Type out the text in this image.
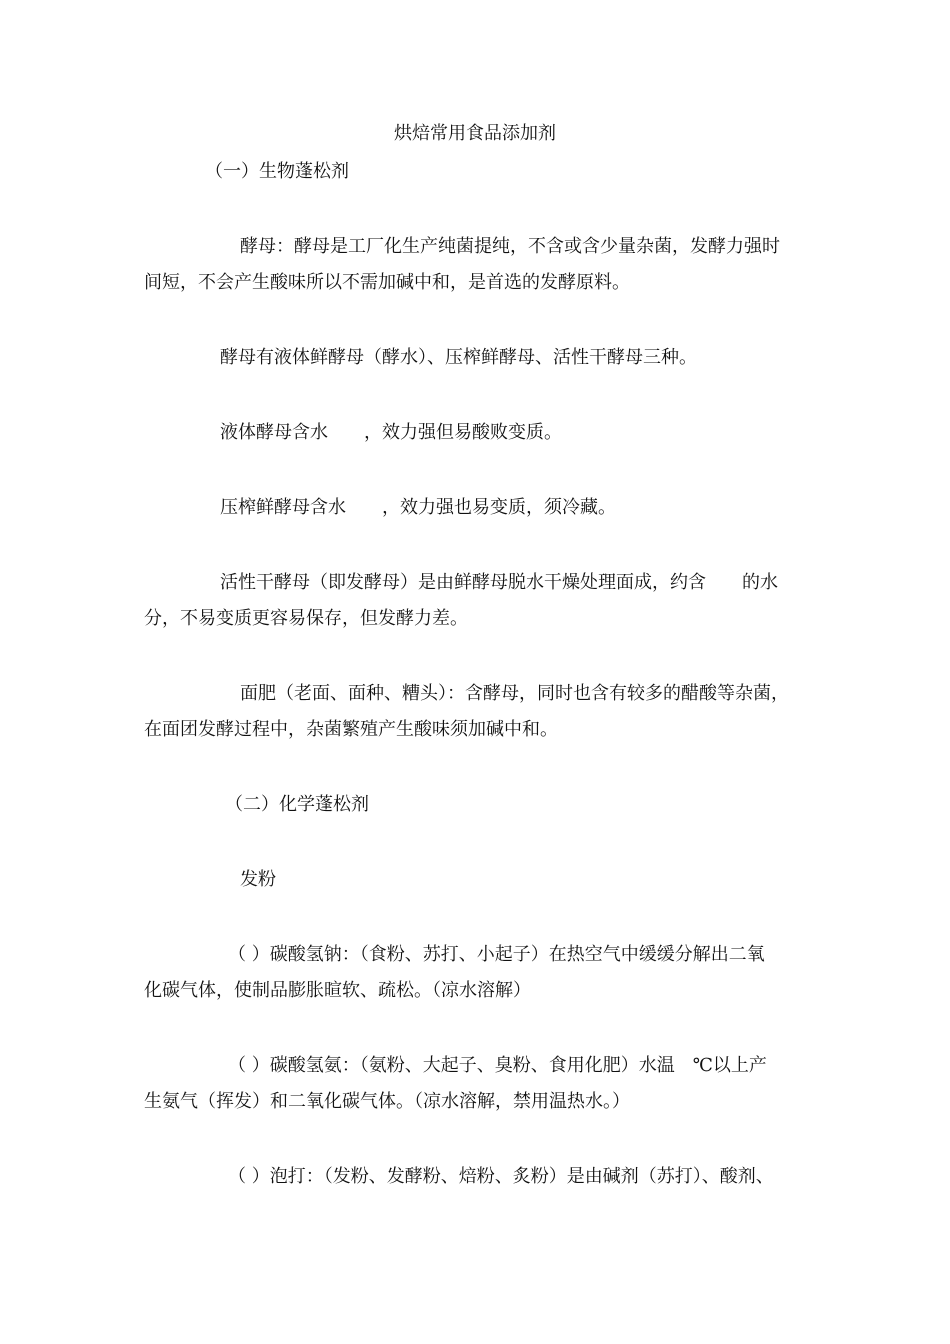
烘焙常用食品添加剂
（一）生物蓬松剂
酵母：酵母是工厂化生产纯菌提纯，不含或含少量杂菌，发酵力强时
间短，不会产生酸味所以不需加碱中和，是首选的发酵原料。
酵母有液体鲜酵母（酵水）、压榨鲜酵母、活性干酵母三种。
液体酵母含水　　，效力强但易酸败变质。
压榨鲜酵母含水　　，效力强也易变质，须冷藏。
活性干酵母（即发酵母）是由鲜酵母脱水干燥处理面成，约含　　的水
分，不易变质更容易保存，但发酵力差。
面肥（老面、面种、糟头）：含酵母，同时也含有较多的醋酸等杂菌，
在面团发酵过程中，杂菌繁殖产生酸味须加碱中和。
（二）化学蓬松剂
发粉
（ ）碳酸氢钠：（食粉、苏打、小起子）在热空气中缓缓分解出二氧
化碳气体，使制品膨胀暄软、疏松。（凉水溶解）
（ ）碳酸氢氨：（氨粉、大起子、臭粉、食用化肥）水温　℃以上产
生氨气（挥发）和二氧化碳气体。（凉水溶解，禁用温热水。）
（ ）泡打：（发粉、发酵粉、焙粉、炙粉）是由碱剂（苏打）、酸剂、
